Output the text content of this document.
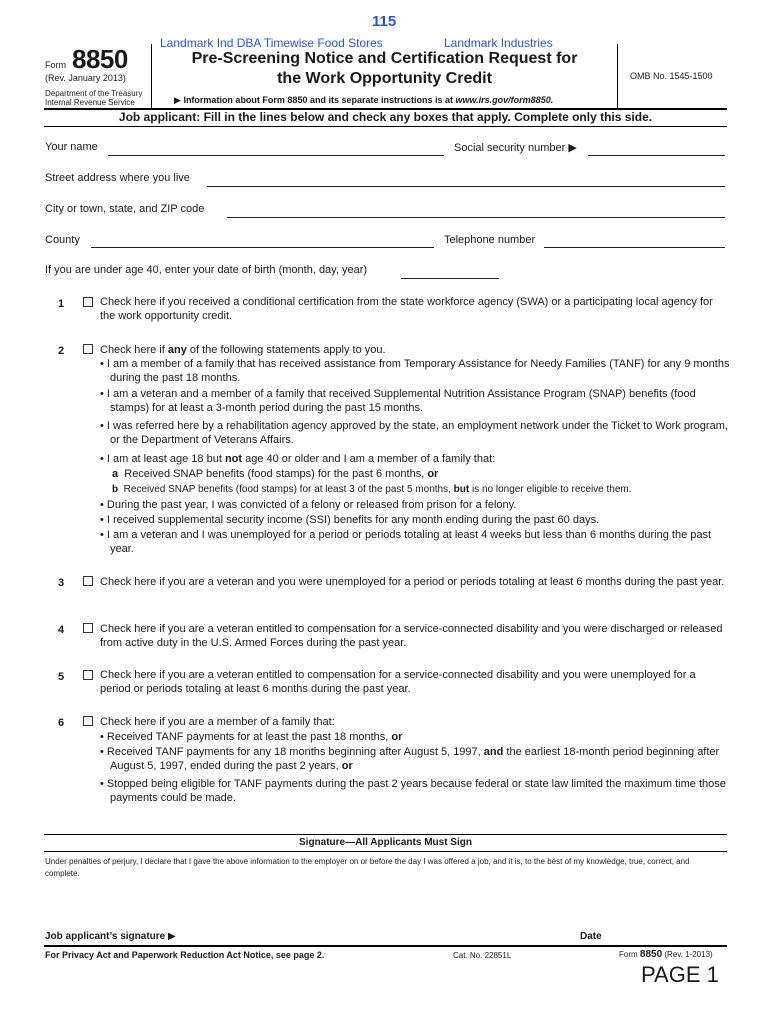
115
Landmark Ind DBA Timewise Food Stores	Landmark Industries
Form 8850
(Rev. January 2013)
Department of the Treasury
Internal Revenue Service
Pre-Screening Notice and Certification Request for
the Work Opportunity Credit
▶ Information about Form 8850 and its separate instructions is at www.irs.gov/form8850.
OMB No. 1545-1500
Job applicant: Fill in the lines below and check any boxes that apply. Complete only this side.
Your name	Social security number ▶
Street address where you live
City or town, state, and ZIP code
County	Telephone number
If you are under age 40, enter your date of birth (month, day, year)
1	Check here if you received a conditional certification from the state workforce agency (SWA) or a participating local agency for the work opportunity credit.
2	Check here if any of the following statements apply to you.
• I am a member of a family that has received assistance from Temporary Assistance for Needy Families (TANF) for any 9 months during the past 18 months.
• I am a veteran and a member of a family that received Supplemental Nutrition Assistance Program (SNAP) benefits (food stamps) for at least a 3-month period during the past 15 months.
• I was referred here by a rehabilitation agency approved by the state, an employment network under the Ticket to Work program, or the Department of Veterans Affairs.
• I am at least age 18 but not age 40 or older and I am a member of a family that:
a Received SNAP benefits (food stamps) for the past 6 months, or
b Received SNAP benefits (food stamps) for at least 3 of the past 5 months, but is no longer eligible to receive them.
• During the past year, I was convicted of a felony or released from prison for a felony.
• I received supplemental security income (SSI) benefits for any month ending during the past 60 days.
• I am a veteran and I was unemployed for a period or periods totaling at least 4 weeks but less than 6 months during the past year.
3	Check here if you are a veteran and you were unemployed for a period or periods totaling at least 6 months during the past year.
4	Check here if you are a veteran entitled to compensation for a service-connected disability and you were discharged or released from active duty in the U.S. Armed Forces during the past year.
5	Check here if you are a veteran entitled to compensation for a service-connected disability and you were unemployed for a period or periods totaling at least 6 months during the past year.
6	Check here if you are a member of a family that:
• Received TANF payments for at least the past 18 months, or
• Received TANF payments for any 18 months beginning after August 5, 1997, and the earliest 18-month period beginning after August 5, 1997, ended during the past 2 years, or
• Stopped being eligible for TANF payments during the past 2 years because federal or state law limited the maximum time those payments could be made.
Signature—All Applicants Must Sign
Under penalties of perjury, I declare that I gave the above information to the employer on or before the day I was offered a job, and it is, to the best of my knowledge, true, correct, and complete.
Job applicant’s signature ▶	Date
For Privacy Act and Paperwork Reduction Act Notice, see page 2.	Cat. No. 22851L	Form 8850 (Rev. 1-2013)
PAGE 1
